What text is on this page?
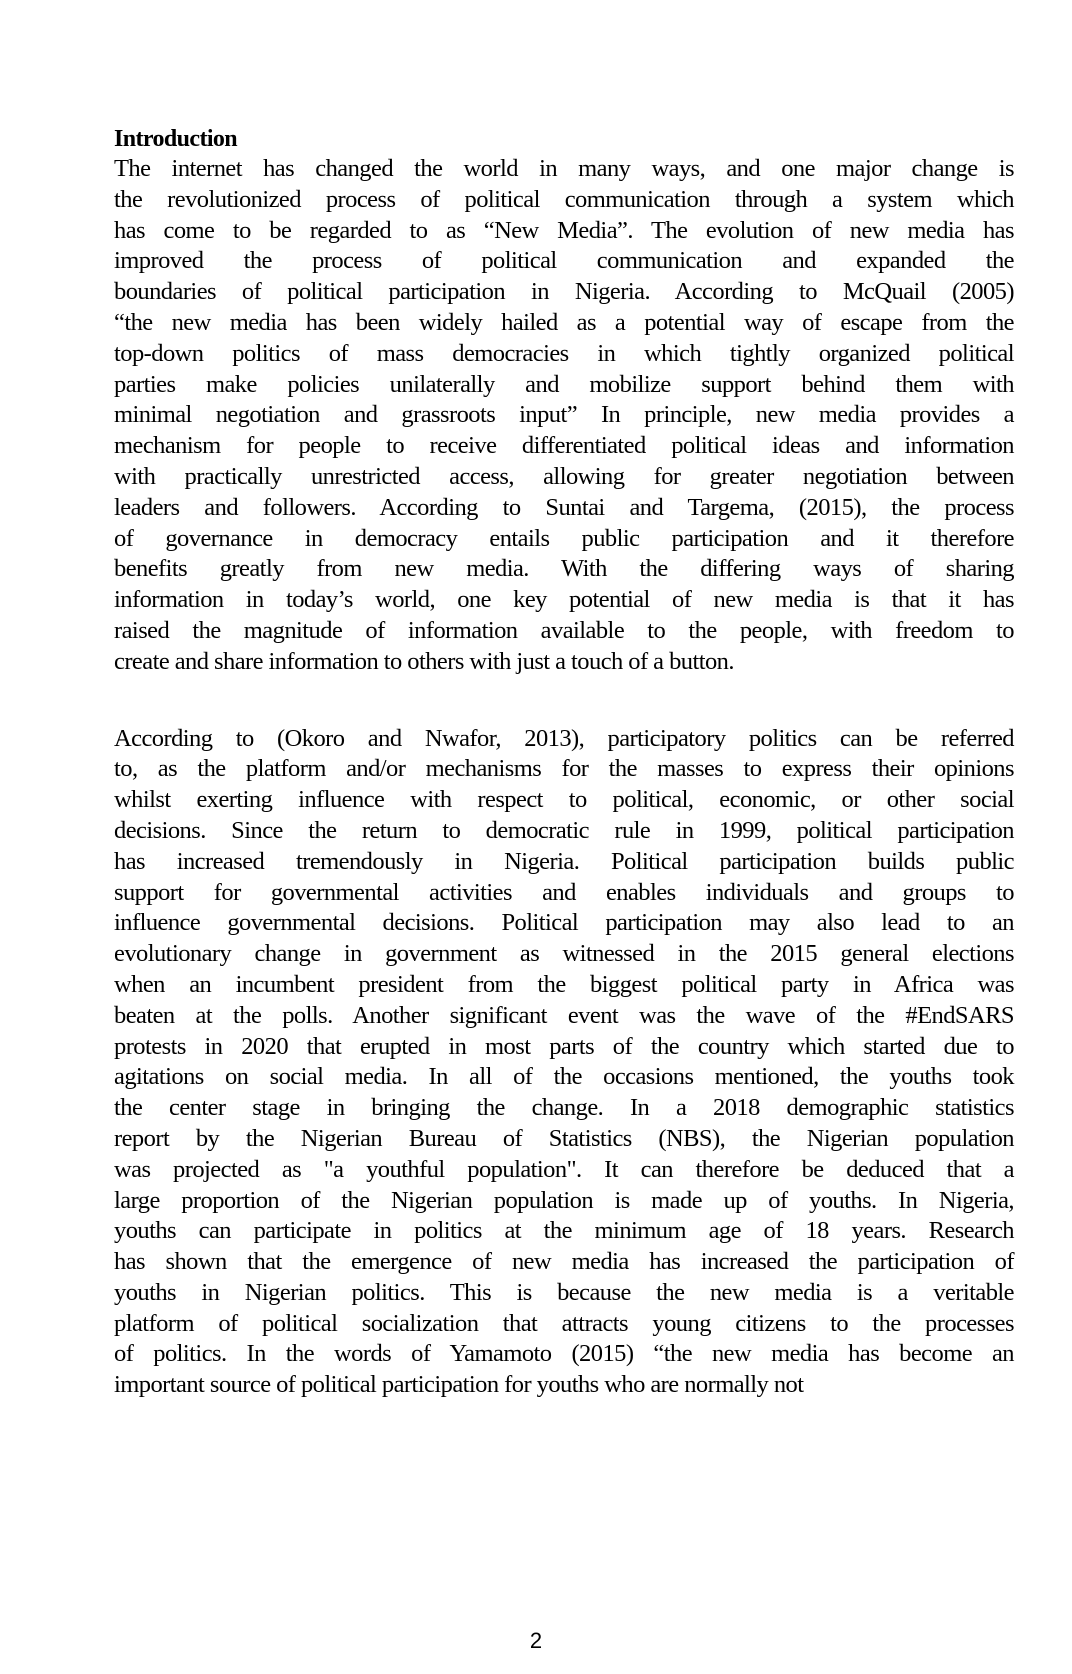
Introduction
The internet has changed the world in many ways, and one major change is
the revolutionized process of political communication through a system which
has come to be regarded to as “New Media”. The evolution of new media has
improved the process of political communication and expanded the
boundaries of political participation in Nigeria. According to McQuail (2005)
“the new media has been widely hailed as a potential way of escape from the
top-down politics of mass democracies in which tightly organized political
parties make policies unilaterally and mobilize support behind them with
minimal negotiation and grassroots input” In principle, new media provides a
mechanism for people to receive differentiated political ideas and information
with practically unrestricted access, allowing for greater negotiation between
leaders and followers. According to Suntai and Targema, (2015), the process
of governance in democracy entails public participation and it therefore
benefits greatly from new media. With the differing ways of sharing
information in today’s world, one key potential of new media is that it has
raised the magnitude of information available to the people, with freedom to
create and share information to others with just a touch of a button.
According to (Okoro and Nwafor, 2013), participatory politics can be referred
to, as the platform and/or mechanisms for the masses to express their opinions
whilst exerting influence with respect to political, economic, or other social
decisions. Since the return to democratic rule in 1999, political participation
has increased tremendously in Nigeria. Political participation builds public
support for governmental activities and enables individuals and groups to
influence governmental decisions. Political participation may also lead to an
evolutionary change in government as witnessed in the 2015 general elections
when an incumbent president from the biggest political party in Africa was
beaten at the polls. Another significant event was the wave of the #EndSARS
protests in 2020 that erupted in most parts of the country which started due to
agitations on social media. In all of the occasions mentioned, the youths took
the center stage in bringing the change. In a 2018 demographic statistics
report by the Nigerian Bureau of Statistics (NBS), the Nigerian population
was projected as "a youthful population". It can therefore be deduced that a
large proportion of the Nigerian population is made up of youths. In Nigeria,
youths can participate in politics at the minimum age of 18 years. Research
has shown that the emergence of new media has increased the participation of
youths in Nigerian politics. This is because the new media is a veritable
platform of political socialization that attracts young citizens to the processes
of politics. In the words of Yamamoto (2015) “the new media has become an
important source of political participation for youths who are normally not
2
